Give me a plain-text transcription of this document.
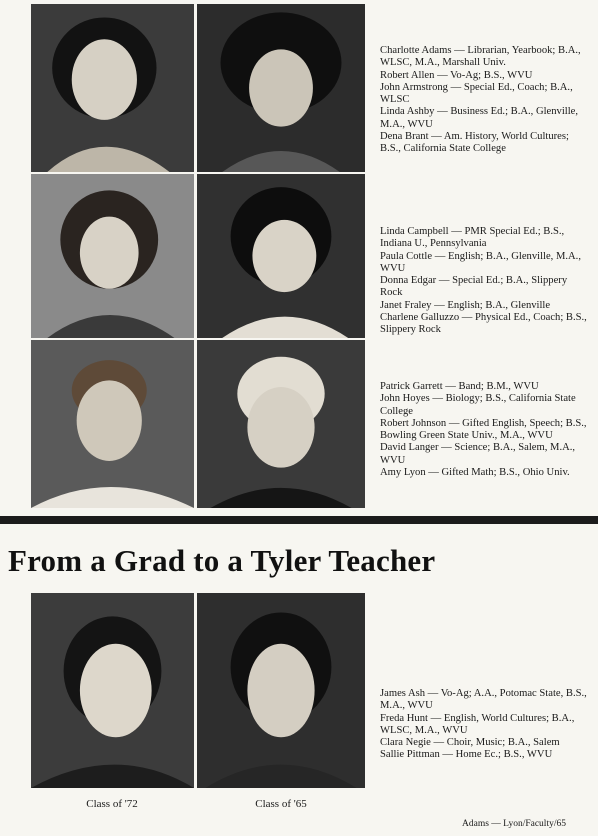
Charlotte Adams — Librarian, Yearbook; B.A., WLSC, M.A., Marshall Univ.

Robert Allen — Vo-Ag; B.S., WVU

John Armstrong — Special Ed., Coach; B.A., WLSC

Linda Ashby — Business Ed.; B.A., Glenville, M.A., WVU

Dena Brant — Am. History, World Cultures; B.S., California State College

Linda Campbell — PMR Special Ed.; B.S., Indiana U., Pennsylvania

Paula Cottle — English; B.A., Glenville, M.A., WVU

Donna Edgar — Special Ed.; B.A., Slippery Rock

Janet Fraley — English; B.A., Glenville

Charlene Galluzzo — Physical Ed., Coach; B.S., Slippery Rock

Patrick Garrett — Band; B.M., WVU

John Hoyes — Biology; B.S., California State College

Robert Johnson — Gifted English, Speech; B.S., Bowling Green State Univ., M.A., WVU

David Langer — Science; B.A., Salem, M.A., WVU

Amy Lyon — Gifted Math; B.S., Ohio Univ.

From a Grad to a Tyler Teacher
Class of '72	Class of '65

James Ash — Vo-Ag; A.A., Potomac State, B.S., M.A., WVU

Freda Hunt — English, World Cultures; B.A., WLSC, M.A., WVU

Clara Negie — Choir, Music; B.A., Salem

Sallie Pittman — Home Ec.; B.S., WVU

Adams — Lyon/Faculty/65
